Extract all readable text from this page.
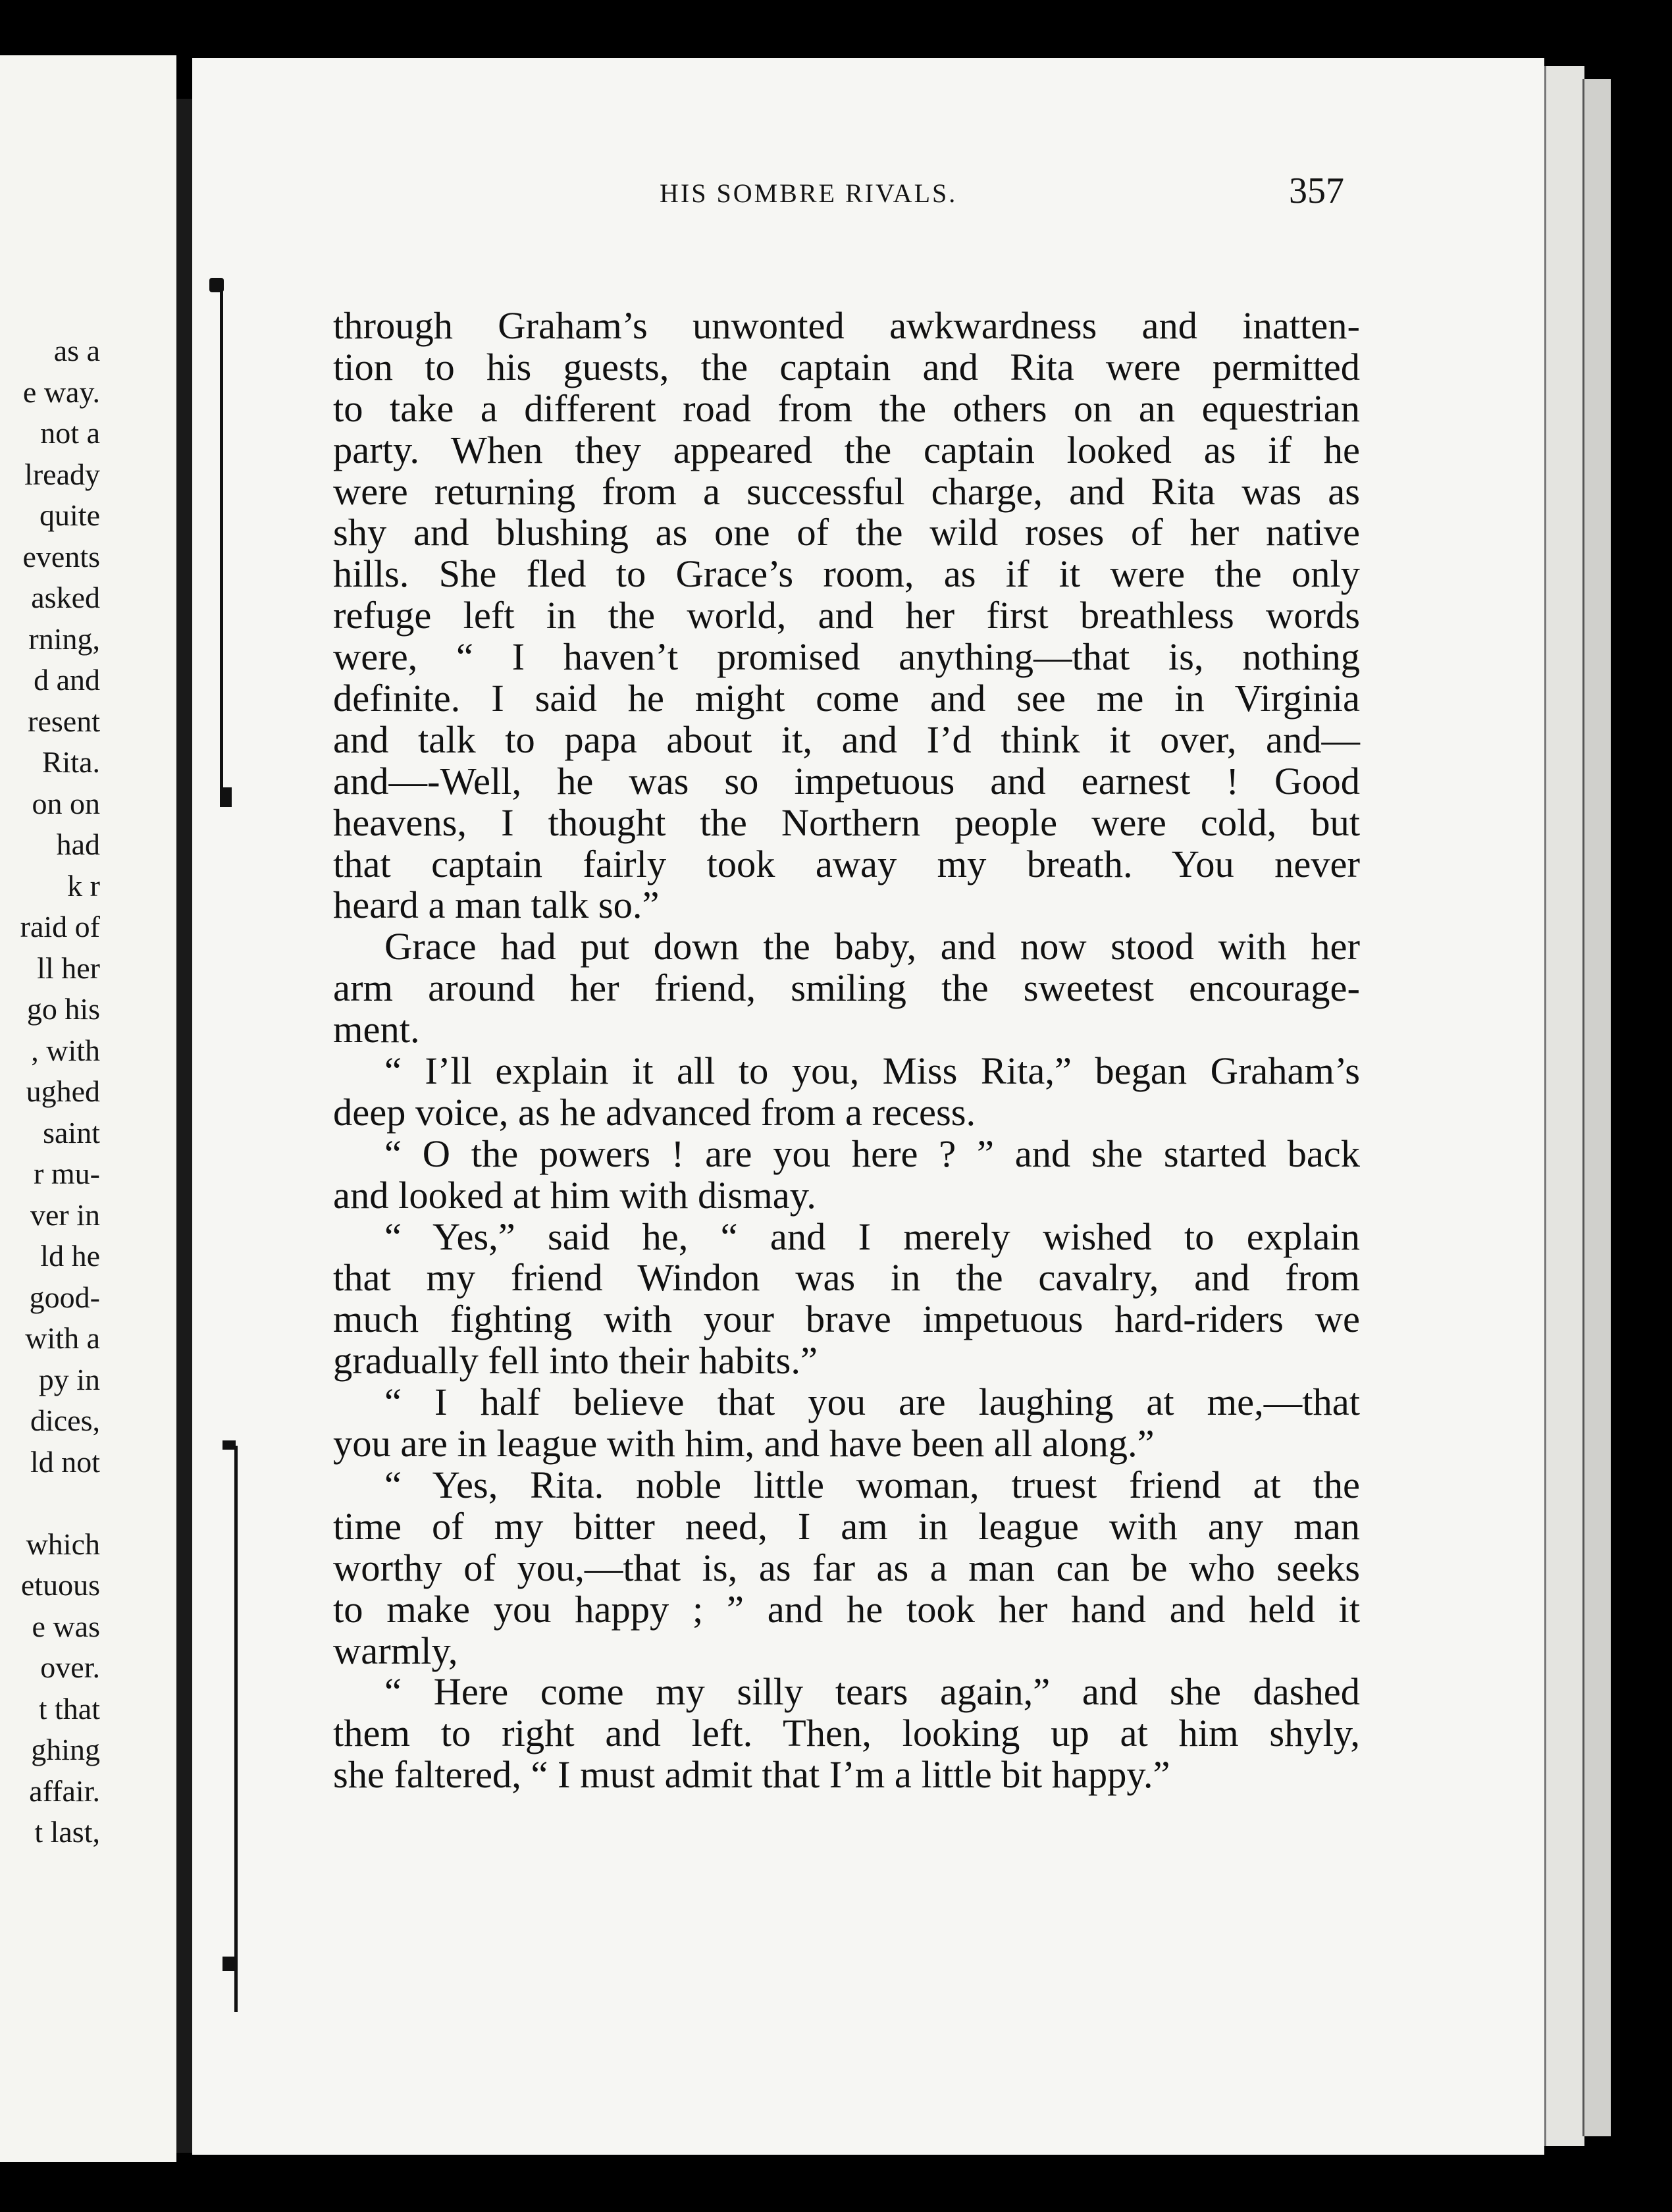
as a
e way.
not a
lready
quite
events
asked
rning,
d and
resent
Rita.
on on
had
k r
raid of
ll her
go his
, with
ughed
saint
r mu-
ver in
ld he
good-
with a
py in
dices,
ld not
which
etuous
e was
over.
t that
ghing
affair.
t last,
HIS SOMBRE RIVALS.	357
through Graham’s unwonted awkwardness and inatten-
tion to his guests, the captain and Rita were permitted
to take a different road from the others on an equestrian
party. When they appeared the captain looked as if he
were returning from a successful charge, and Rita was as
shy and blushing as one of the wild roses of her native
hills. She fled to Grace’s room, as if it were the only
refuge left in the world, and her first breathless words
were, “ I haven’t promised anything—that is, nothing
definite. I said he might come and see me in Virginia
and talk to papa about it, and I’d think it over, and—
and—-Well, he was so impetuous and earnest ! Good
heavens, I thought the Northern people were cold, but
that captain fairly took away my breath. You never
heard a man talk so.”
Grace had put down the baby, and now stood with her
arm around her friend, smiling the sweetest encourage-
ment.
“ I’ll explain it all to you, Miss Rita,” began Graham’s
deep voice, as he advanced from a recess.
“ O the powers ! are you here ? ” and she started back
and looked at him with dismay.
“ Yes,” said he, “ and I merely wished to explain
that my friend Windon was in the cavalry, and from
much fighting with your brave impetuous hard-riders we
gradually fell into their habits.”
“ I half believe that you are laughing at me,—that
you are in league with him, and have been all along.”
“ Yes, Rita. noble little woman, truest friend at the
time of my bitter need, I am in league with any man
worthy of you,—that is, as far as a man can be who seeks
to make you happy ; ” and he took her hand and held it
warmly,
“ Here come my silly tears again,” and she dashed
them to right and left. Then, looking up at him shyly,
she faltered, “ I must admit that I’m a little bit happy.”
